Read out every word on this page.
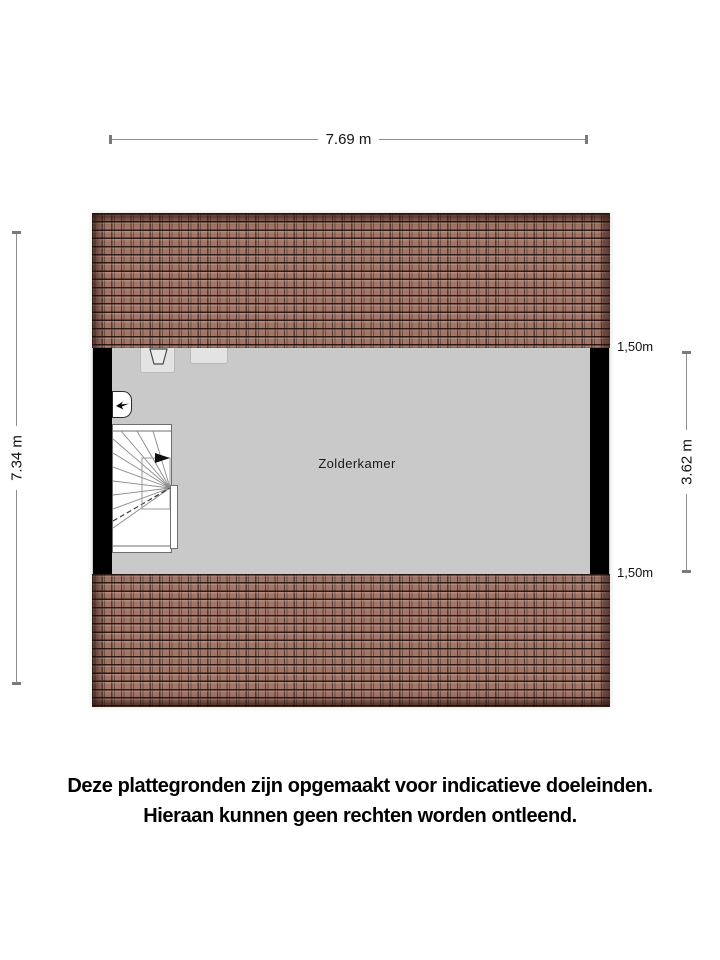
7.69 m
7.34 m	3.62 m
1,50m
1,50m
Zolderkamer
Deze plattegronden zijn opgemaakt voor indicatieve doeleinden.
Hieraan kunnen geen rechten worden ontleend.
